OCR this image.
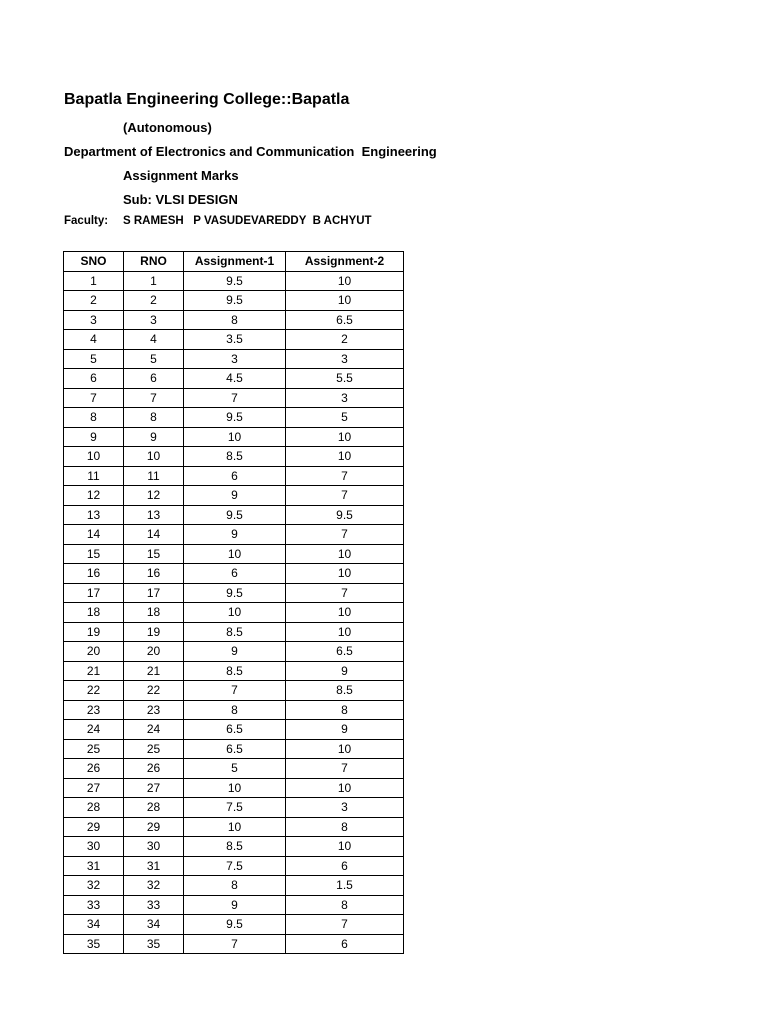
Bapatla Engineering College::Bapatla
(Autonomous)
Department of Electronics and Communication  Engineering
Assignment Marks
Sub: VLSI DESIGN
Faculty: S RAMESH   P VASUDEVAREDDY  B ACHYUT
SNO	RNO	Assignment-1	Assignment-2
1	1	9.5	10
2	2	9.5	10
3	3	8	6.5
4	4	3.5	2
5	5	3	3
6	6	4.5	5.5
7	7	7	3
8	8	9.5	5
9	9	10	10
10	10	8.5	10
11	11	6	7
12	12	9	7
13	13	9.5	9.5
14	14	9	7
15	15	10	10
16	16	6	10
17	17	9.5	7
18	18	10	10
19	19	8.5	10
20	20	9	6.5
21	21	8.5	9
22	22	7	8.5
23	23	8	8
24	24	6.5	9
25	25	6.5	10
26	26	5	7
27	27	10	10
28	28	7.5	3
29	29	10	8
30	30	8.5	10
31	31	7.5	6
32	32	8	1.5
33	33	9	8
34	34	9.5	7
35	35	7	6
